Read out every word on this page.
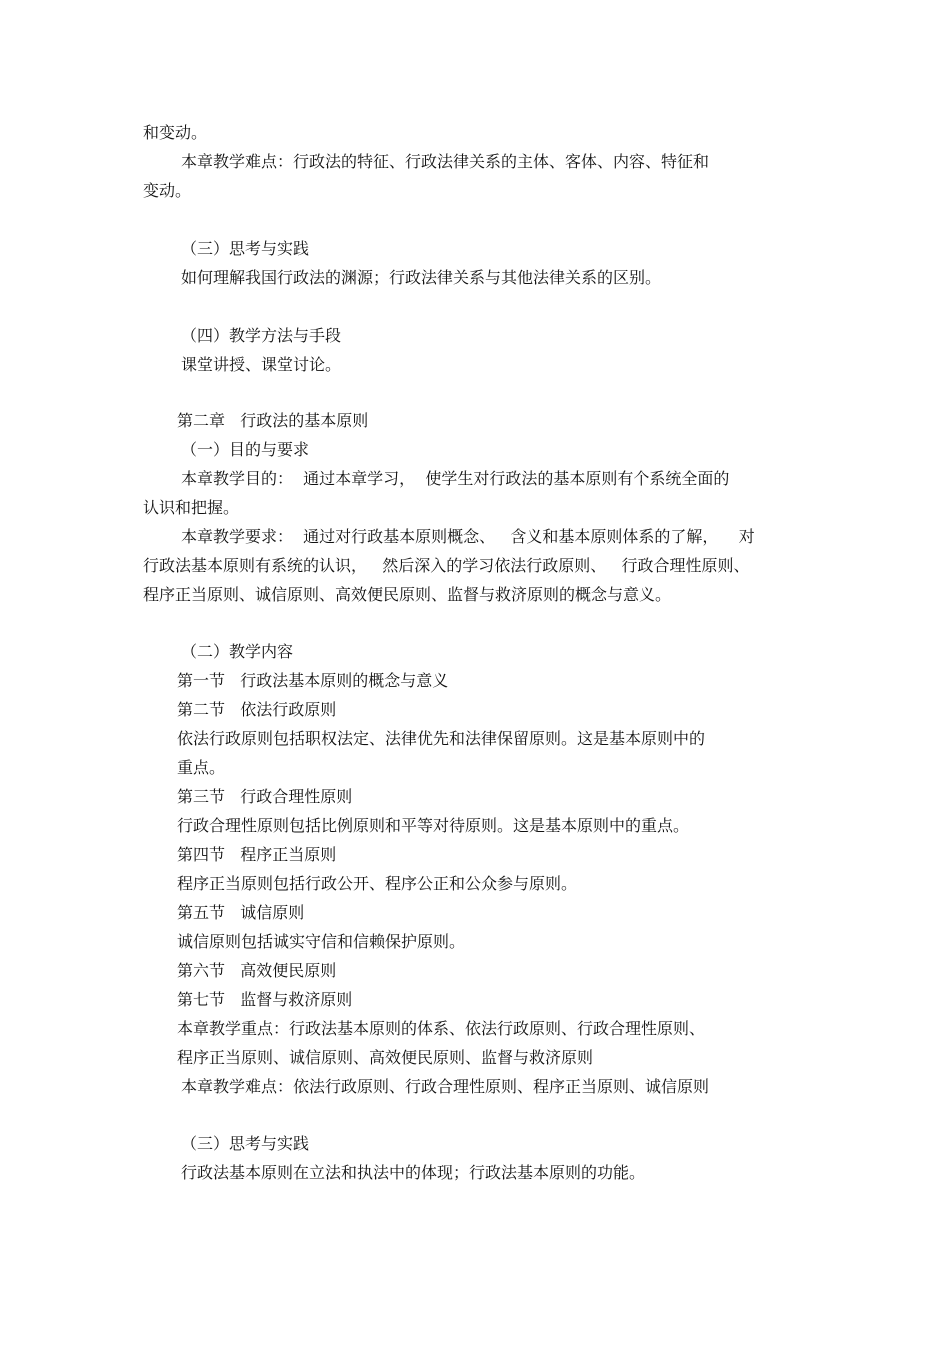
和变动。

本章教学难点：行政法的特征、行政法律关系的主体、客体、内容、特征和

变动。

（三）思考与实践

如何理解我国行政法的渊源；行政法律关系与其他法律关系的区别。

（四）教学方法与手段

课堂讲授、课堂讨论。

第二章   行政法的基本原则

（一）目的与要求

本章教学目的：  通过本章学习，  使学生对行政法的基本原则有个系统全面的

认识和把握。

本章教学要求：  通过对行政基本原则概念、   含义和基本原则体系的了解，    对

行政法基本原则有系统的认识，   然后深入的学习依法行政原则、   行政合理性原则、

程序正当原则、诚信原则、高效便民原则、监督与救济原则的概念与意义。

（二）教学内容

第一节   行政法基本原则的概念与意义

第二节   依法行政原则

依法行政原则包括职权法定、法律优先和法律保留原则。这是基本原则中的

重点。

第三节   行政合理性原则

行政合理性原则包括比例原则和平等对待原则。这是基本原则中的重点。

第四节   程序正当原则

程序正当原则包括行政公开、程序公正和公众参与原则。

第五节   诚信原则

诚信原则包括诚实守信和信赖保护原则。

第六节   高效便民原则

第七节   监督与救济原则

本章教学重点：行政法基本原则的体系、依法行政原则、行政合理性原则、

程序正当原则、诚信原则、高效便民原则、监督与救济原则

本章教学难点：依法行政原则、行政合理性原则、程序正当原则、诚信原则

（三）思考与实践

行政法基本原则在立法和执法中的体现；行政法基本原则的功能。
